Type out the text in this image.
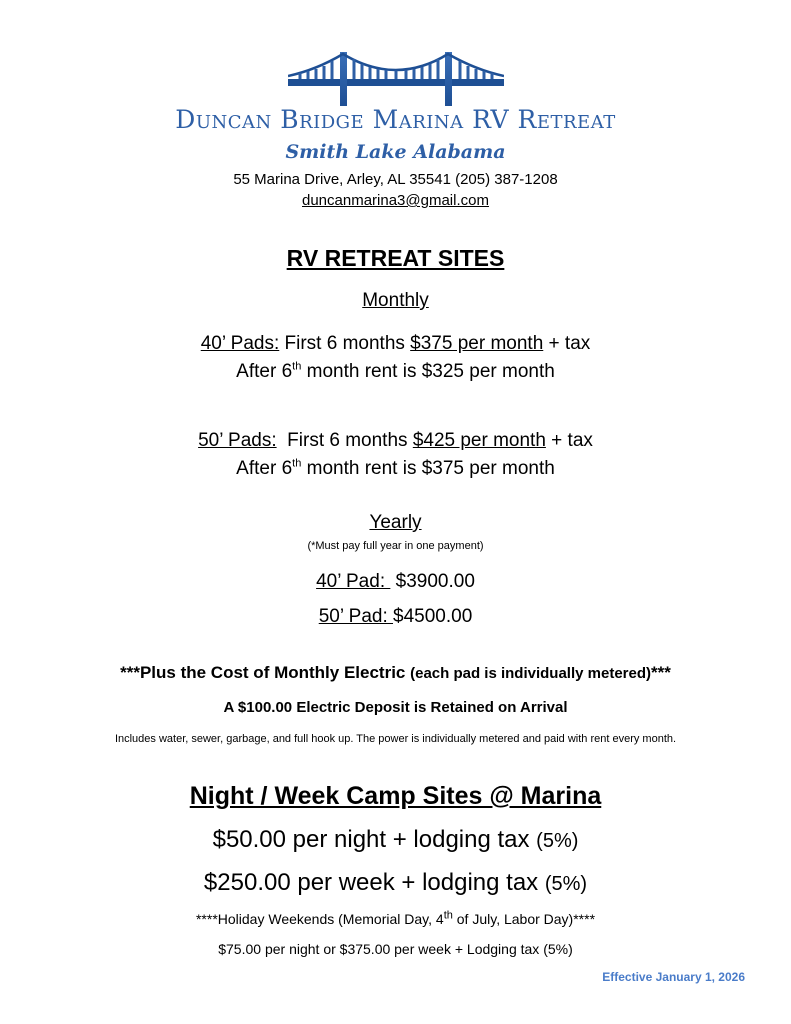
Duncan Bridge Marina RV Retreat
Smith Lake Alabama
55 Marina Drive, Arley, AL 35541 (205) 387-1208
duncanmarina3@gmail.com
RV RETREAT SITES
Monthly
40’ Pads: First 6 months $375 per month + tax
After 6th month rent is $325 per month
50’ Pads:  First 6 months $425 per month + tax
After 6th month rent is $375 per month
Yearly
(*Must pay full year in one payment)
40’ Pad:  $3900.00
50’ Pad: $4500.00
***Plus the Cost of Monthly Electric (each pad is individually metered)***
A $100.00 Electric Deposit is Retained on Arrival
Includes water, sewer, garbage, and full hook up. The power is individually metered and paid with rent every month.
Night / Week Camp Sites @ Marina
$50.00 per night + lodging tax (5%)
$250.00 per week + lodging tax (5%)
****Holiday Weekends (Memorial Day, 4th of July, Labor Day)****
$75.00 per night or $375.00 per week + Lodging tax (5%)
Effective January 1, 2026
